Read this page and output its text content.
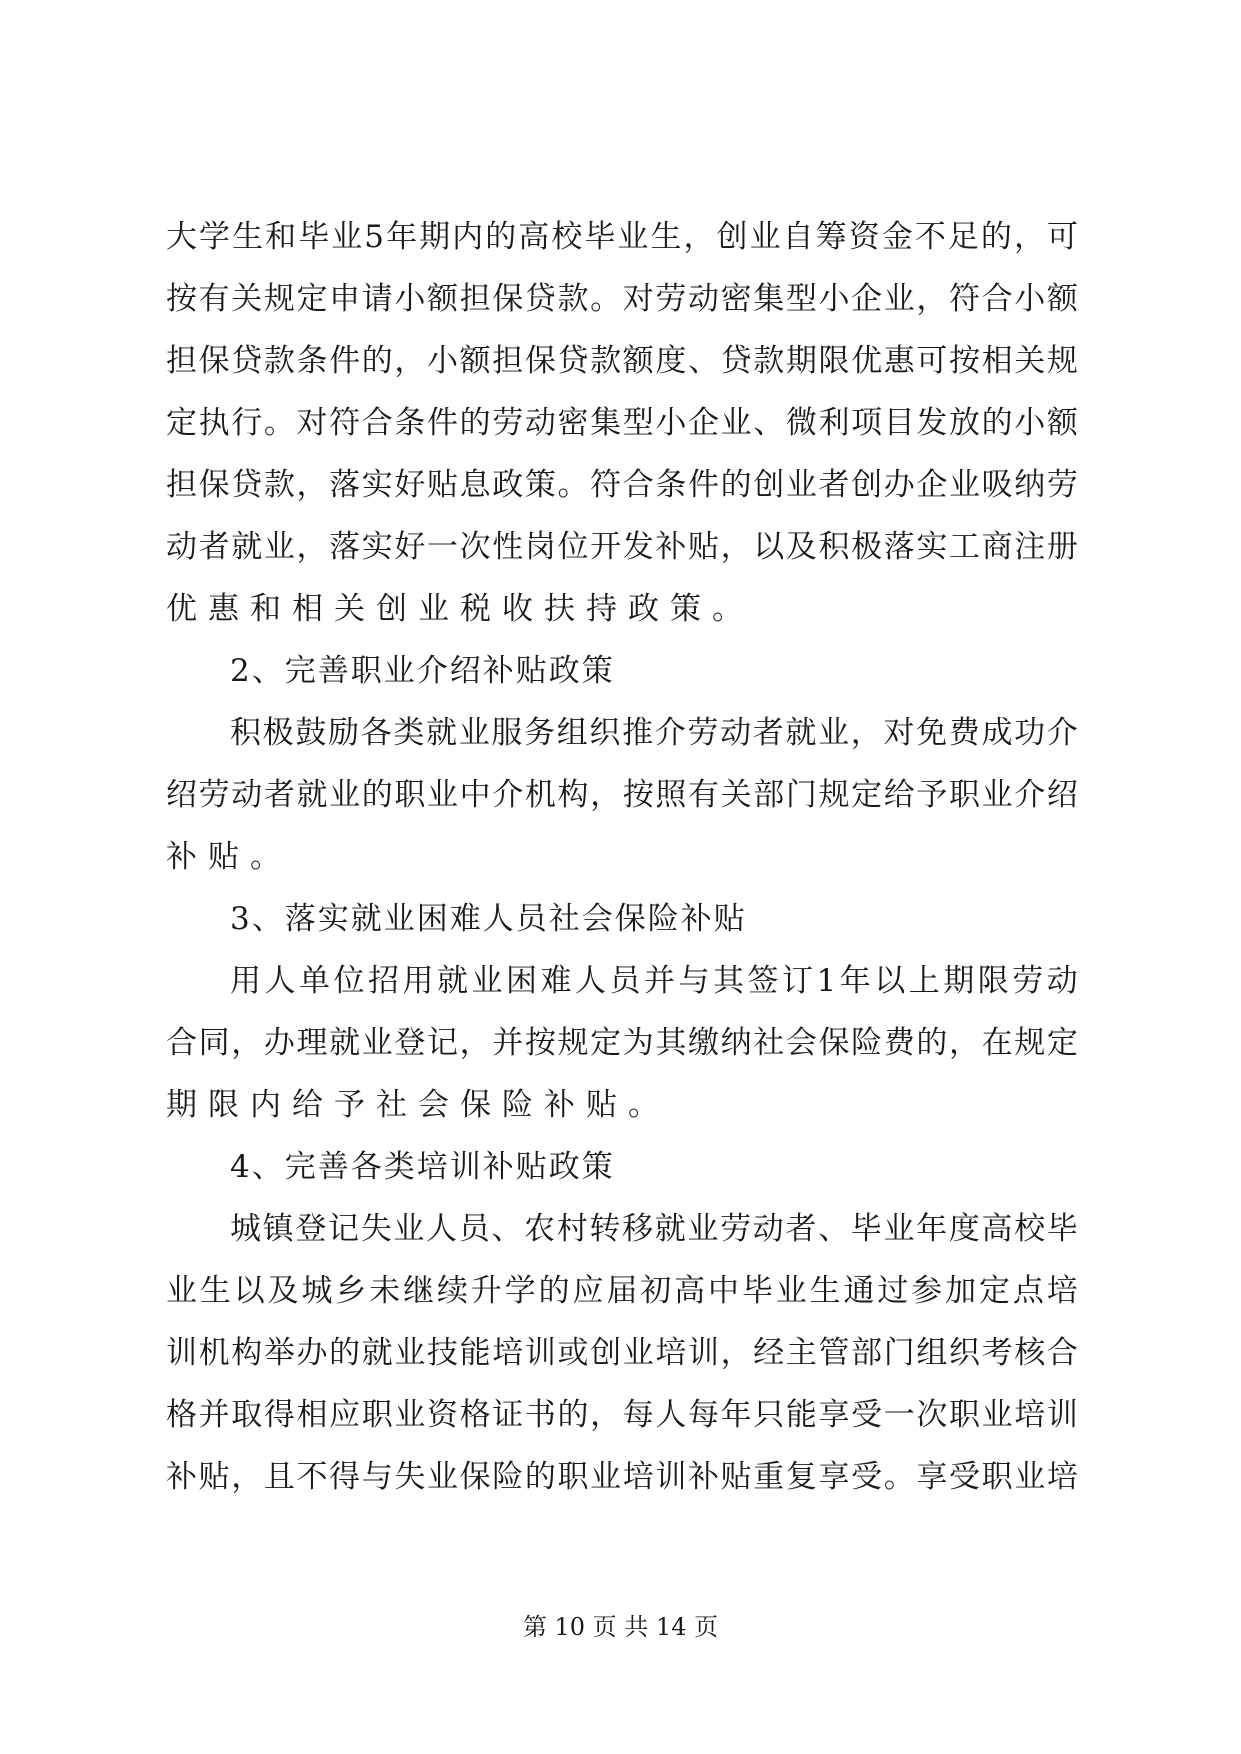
大 学 生 和 毕 业 5 年 期 内 的 高 校 毕 业 生 ， 创 业 自 筹 资 金 不 足 的 ， 可
按 有 关 规 定 申 请 小 额 担 保 贷 款 。 对 劳 动 密 集 型 小 企 业 ， 符 合 小 额
担 保 贷 款 条 件 的 ， 小 额 担 保 贷 款 额 度 、 贷 款 期 限 优 惠 可 按 相 关 规
定 执 行 。 对 符 合 条 件 的 劳 动 密 集 型 小 企 业 、 微 利 项 目 发 放 的 小 额
担 保 贷 款 ， 落 实 好 贴 息 政 策 。 符 合 条 件 的 创 业 者 创 办 企 业 吸 纳 劳
动 者 就 业 ， 落 实 好 一 次 性 岗 位 开 发 补 贴 ， 以 及 积 极 落 实 工 商 注 册
优惠和相关创业税收扶持政策。
2、完善职业介绍补贴政策
积 极 鼓 励 各 类 就 业 服 务 组 织 推 介 劳 动 者 就 业 ， 对 免 费 成 功 介
绍 劳 动 者 就 业 的 职 业 中 介 机 构 ， 按 照 有 关 部 门 规 定 给 予 职 业 介 绍
补贴。
3、落实就业困难人员社会保险补贴
用 人 单 位 招 用 就 业 困 难 人 员 并 与 其 签 订 1 年 以 上 期 限 劳 动
合 同 ， 办 理 就 业 登 记 ， 并 按 规 定 为 其 缴 纳 社 会 保 险 费 的 ， 在 规 定
期限内给予社会保险补贴。
4、完善各类培训补贴政策
城 镇 登 记 失 业 人 员 、 农 村 转 移 就 业 劳 动 者 、 毕 业 年 度 高 校 毕
业 生 以 及 城 乡 未 继 续 升 学 的 应 届 初 高 中 毕 业 生 通 过 参 加 定 点 培
训 机 构 举 办 的 就 业 技 能 培 训 或 创 业 培 训 ， 经 主 管 部 门 组 织 考 核 合
格 并 取 得 相 应 职 业 资 格 证 书 的 ， 每 人 每 年 只 能 享 受 一 次 职 业 培 训
补 贴 ， 且 不 得 与 失 业 保 险 的 职 业 培 训 补 贴 重 复 享 受 。 享 受 职 业 培
第 10 页 共 14 页
